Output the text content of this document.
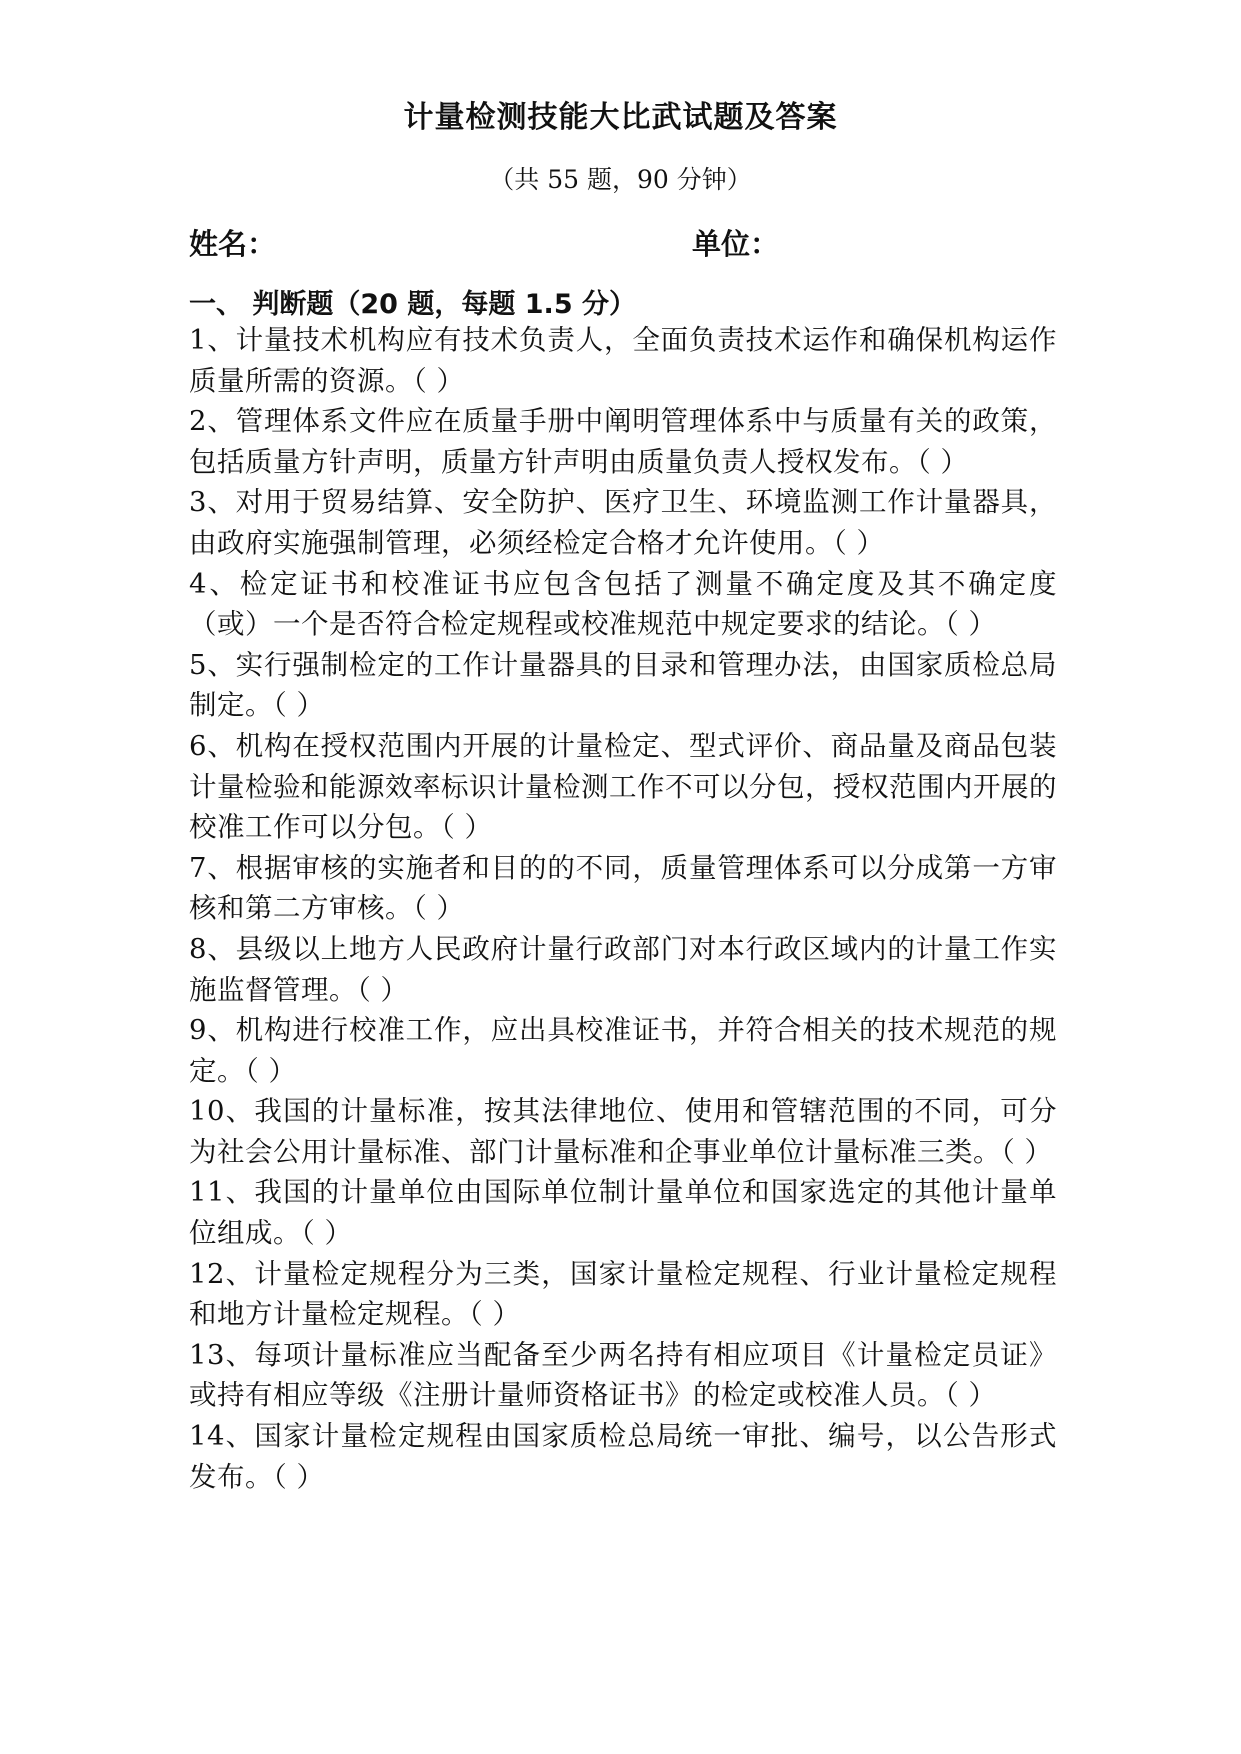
计量检测技能大比武试题及答案
（共 55 题，90 分钟）
姓名：	单位：
一、 判断题（20 题，每题 1.5 分）

1、计量技术机构应有技术负责人，全面负责技术运作和确保机构运作质量所需的资源。（ ）

2、管理体系文件应在质量手册中阐明管理体系中与质量有关的政策，包括质量方针声明，质量方针声明由质量负责人授权发布。（ ）

3、对用于贸易结算、安全防护、医疗卫生、环境监测工作计量器具，由政府实施强制管理，必须经检定合格才允许使用。（ ）

4、检定证书和校准证书应包含包括了测量不确定度及其不确定度（或）一个是否符合检定规程或校准规范中规定要求的结论。（ ）

5、实行强制检定的工作计量器具的目录和管理办法，由国家质检总局制定。（ ）

6、机构在授权范围内开展的计量检定、型式评价、商品量及商品包装计量检验和能源效率标识计量检测工作不可以分包，授权范围内开展的校准工作可以分包。（ ）

7、根据审核的实施者和目的的不同，质量管理体系可以分成第一方审核和第二方审核。（ ）

8、县级以上地方人民政府计量行政部门对本行政区域内的计量工作实施监督管理。（ ）

9、机构进行校准工作，应出具校准证书，并符合相关的技术规范的规定。（ ）

10、我国的计量标准，按其法律地位、使用和管辖范围的不同，可分为社会公用计量标准、部门计量标准和企事业单位计量标准三类。（ ）

11、我国的计量单位由国际单位制计量单位和国家选定的其他计量单位组成。（ ）

12、计量检定规程分为三类，国家计量检定规程、行业计量检定规程和地方计量检定规程。（ ）

13、每项计量标准应当配备至少两名持有相应项目《计量检定员证》或持有相应等级《注册计量师资格证书》的检定或校准人员。（ ）

14、国家计量检定规程由国家质检总局统一审批、编号，以公告形式发布。（ ）
